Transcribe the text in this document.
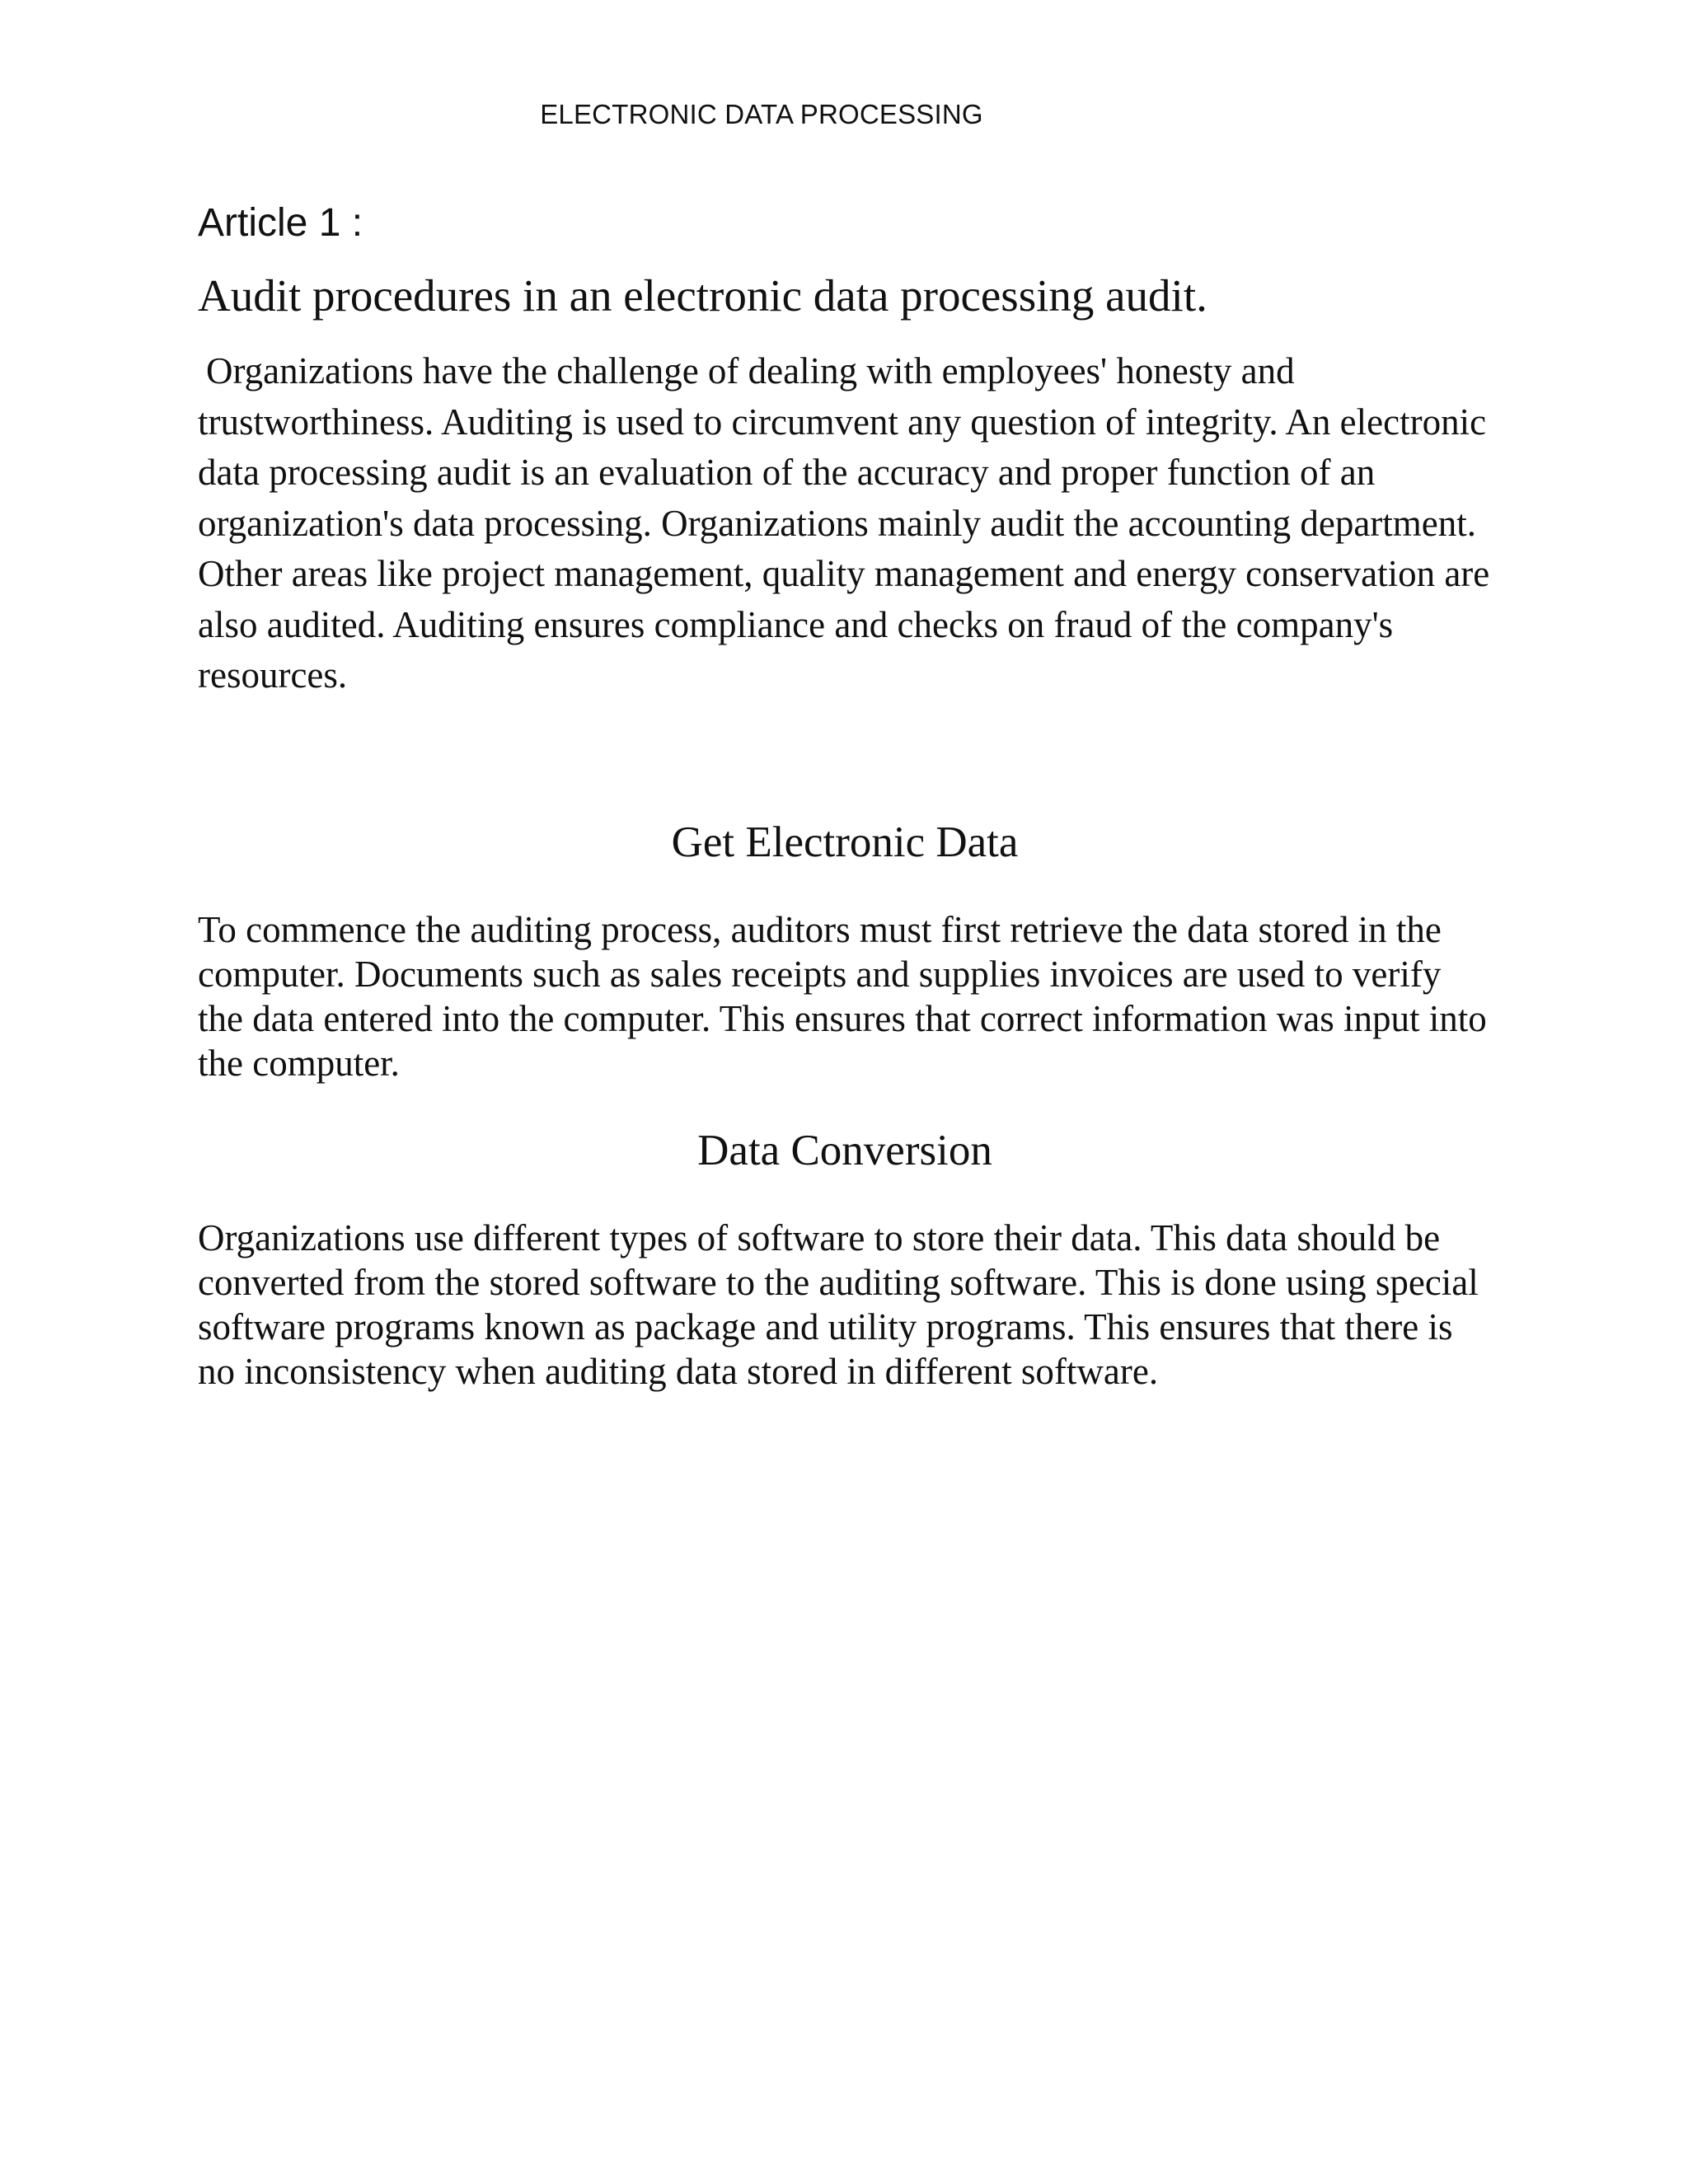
ELECTRONIC DATA PROCESSING

Article 1 :
Audit procedures in an electronic data processing audit.

Organizations have the challenge of dealing with employees' honesty and trustworthiness. Auditing is used to circumvent any question of integrity. An electronic data processing audit is an evaluation of the accuracy and proper function of an organization's data processing. Organizations mainly audit the accounting department. Other areas like project management, quality management and energy conservation are also audited. Auditing ensures compliance and checks on fraud of the company's resources.

Get Electronic Data

To commence the auditing process, auditors must first retrieve the data stored in the computer. Documents such as sales receipts and supplies invoices are used to verify the data entered into the computer. This ensures that correct information was input into the computer.

Data Conversion

Organizations use different types of software to store their data. This data should be converted from the stored software to the auditing software. This is done using special software programs known as package and utility programs. This ensures that there is no inconsistency when auditing data stored in different software.
